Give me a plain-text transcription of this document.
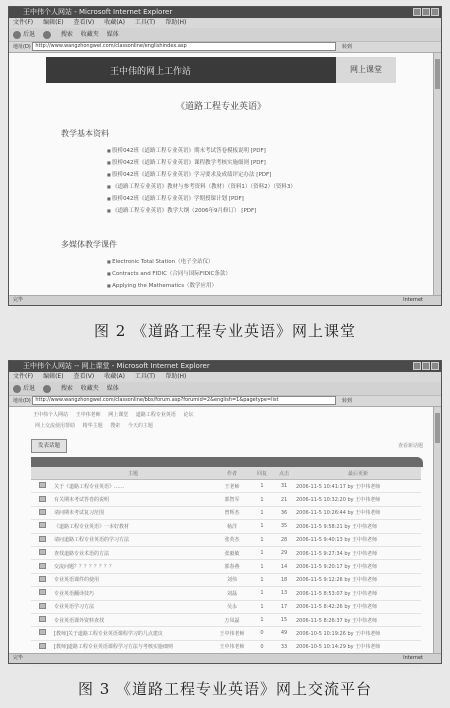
王中伟个人网站 - Microsoft Internet Explorer
文件(F) 编辑(E) 查看(V) 收藏(A) 工具(T) 帮助(H)
后退	搜索 收藏夹 媒体
地址(D) http://www.wangzhongwei.com/classonline/englishindex.asp	转到
王中伟的网上工作站	网上课堂
《道路工程专业英语》
教学基本资料
■ 股桥042班《道路工程专业英语》期末考试答卷模板说明 [PDF]
■ 股桥042班《道路工程专业英语》课程教学考核实施细则 [PDF]
■ 股桥042班《道路工程专业英语》学习要求及成绩评定办法 [PDF]
■ 《道路工程专业英语》教材与参考资料（教材）（资料1）（资料2）（资料3）
■ 股桥042班《道路工程专业英语》学期授课计划 [PDF]
■ 《道路工程专业英语》教学大纲（2006年9月修订） [PDF]
多媒体教学课件
■ Electronic Total Station（电子全站仪）
■ Contracts and FIDIC（合同与国际FIDIC条款）
■ Applying the Mathematics（数学应用）
完毕	Internet
图 2 《道路工程专业英语》网上课堂
王中伟个人网站 -- 网上课堂 - Microsoft Internet Explorer
文件(F) 编辑(E) 查看(V) 收藏(A) 工具(T) 帮助(H)
后退	搜索 收藏夹 媒体
地址(D) http://www.wangzhongwei.com/classonline/bbs/forum.asp?forumid=2&english=1&pagetype=list	转到
王中伟个人网站 王中伟老师 网上课堂 道路工程专业英语 论坛
网上交流使用帮助 精华主题 搜索 今天的主题
发表话题	查看新话题
	主题	作者	回复	点击	最后更新
	关于《道路工程专业英语》……	王老师	1	31	2006-11-5 10:41:17 by 王中伟老师
	有关期末考试答卷的说明	郭智军	1	21	2006-11-5 10:32:20 by 王中伟老师
	请问期末考试复习范围	曾辉杰	1	36	2006-11-5 10:26:44 by 王中伟老师
	《道路工程专业英语》一本好教材	杨洋	1	35	2006-11-5 9:58:21 by 王中伟老师
	请问道路工程专业英语的学习方法	张英杰	1	28	2006-11-5 9:40:13 by 王中伟老师
	查找道路专业术语的方法	张毅敏	1	29	2006-11-5 9:27:34 by 王中伟老师
	交流问题？？？？？？？？	郭春燕	1	14	2006-11-5 9:20:17 by 王中伟老师
	专业英语课件的使用	刘伟	1	18	2006-11-5 9:12:26 by 王中伟老师
	专业英语翻译技巧	刘磊	1	13	2006-11-5 8:53:07 by 王中伟老师
	专业英语学习方法	吴永	1	17	2006-11-5 8:42:26 by 王中伟老师
	专业英语课外资料查找	万凤磊	1	15	2006-11-5 8:26:37 by 王中伟老师
	[教师]关于道路工程专业英语课程学习的几点建议	王中伟老师	0	49	2006-10-5 10:19:26 by 王中伟老师
	[教师]道路工程专业英语课程学习方法与考核实施细则	王中伟老师	0	33	2006-10-5 10:14:29 by 王中伟老师

完毕	Internet
图 3 《道路工程专业英语》网上交流平台
